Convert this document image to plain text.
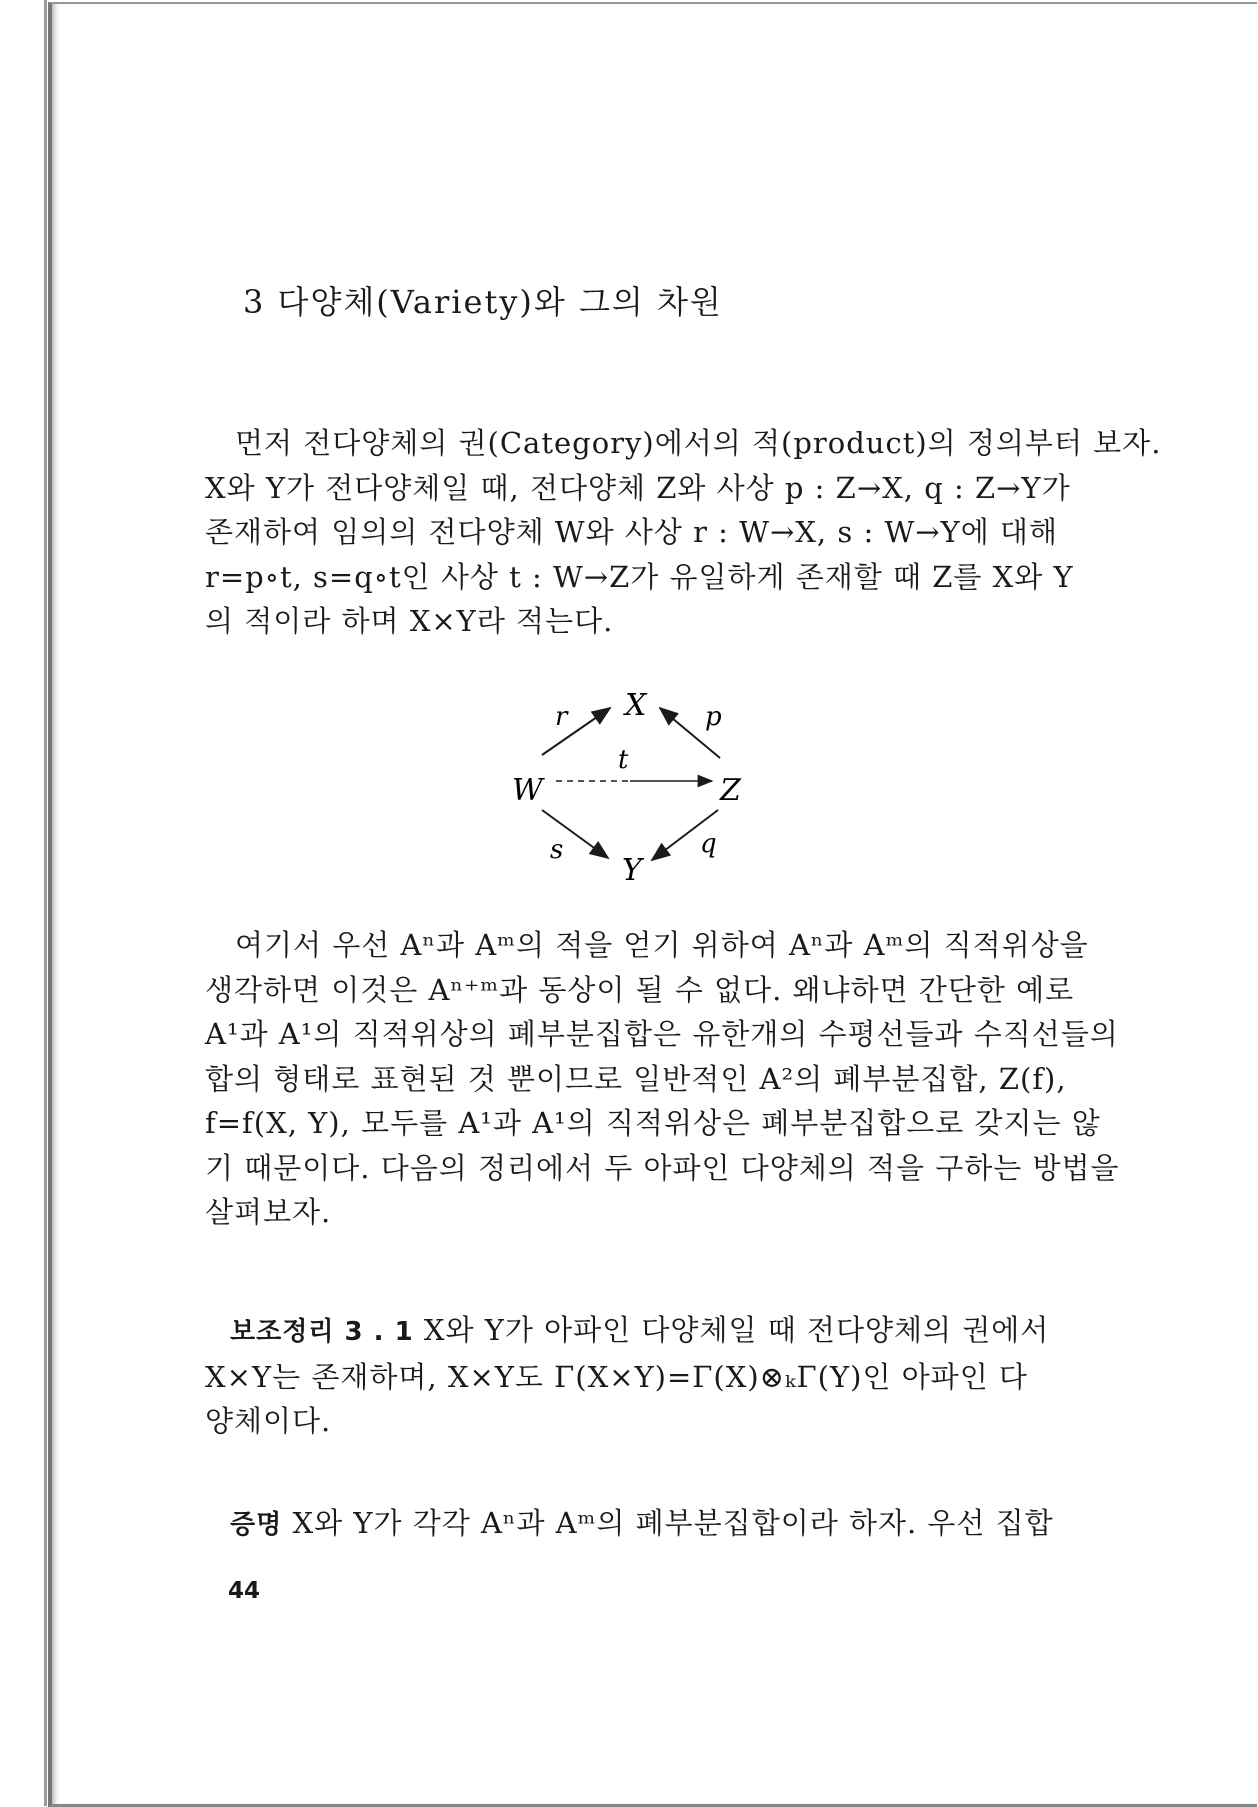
3 다양체(Variety)와 그의 차원
먼저 전다양체의 권(Category)에서의 적(product)의 정의부터 보자.
X와 Y가 전다양체일 때, 전다양체 Z와 사상 p : Z→X, q : Z→Y가
존재하여 임의의 전다양체 W와 사상 r : W→X, s : W→Y에 대해
r=p∘t, s=q∘t인 사상 t : W→Z가 유일하게 존재할 때 Z를 X와 Y
의 적이라 하며 X×Y라 적는다.
X
W	Z
Y
r	p
t
s	q
여기서 우선 Aⁿ과 Aᵐ의 적을 얻기 위하여 Aⁿ과 Aᵐ의 직적위상을
생각하면 이것은 Aⁿ⁺ᵐ과 동상이 될 수 없다. 왜냐하면 간단한 예로
A¹과 A¹의 직적위상의 폐부분집합은 유한개의 수평선들과 수직선들의
합의 형태로 표현된 것 뿐이므로 일반적인 A²의 폐부분집합, Z(f),
f=f(X, Y), 모두를 A¹과 A¹의 직적위상은 폐부분집합으로 갖지는 않
기 때문이다. 다음의 정리에서 두 아파인 다양체의 적을 구하는 방법을
살펴보자.
보조정리 3 . 1 X와 Y가 아파인 다양체일 때 전다양체의 권에서
X×Y는 존재하며, X×Y도 Γ(X×Y)=Γ(X)⊗ₖΓ(Y)인 아파인 다
양체이다.
증명 X와 Y가 각각 Aⁿ과 Aᵐ의 폐부분집합이라 하자. 우선 집합
44
